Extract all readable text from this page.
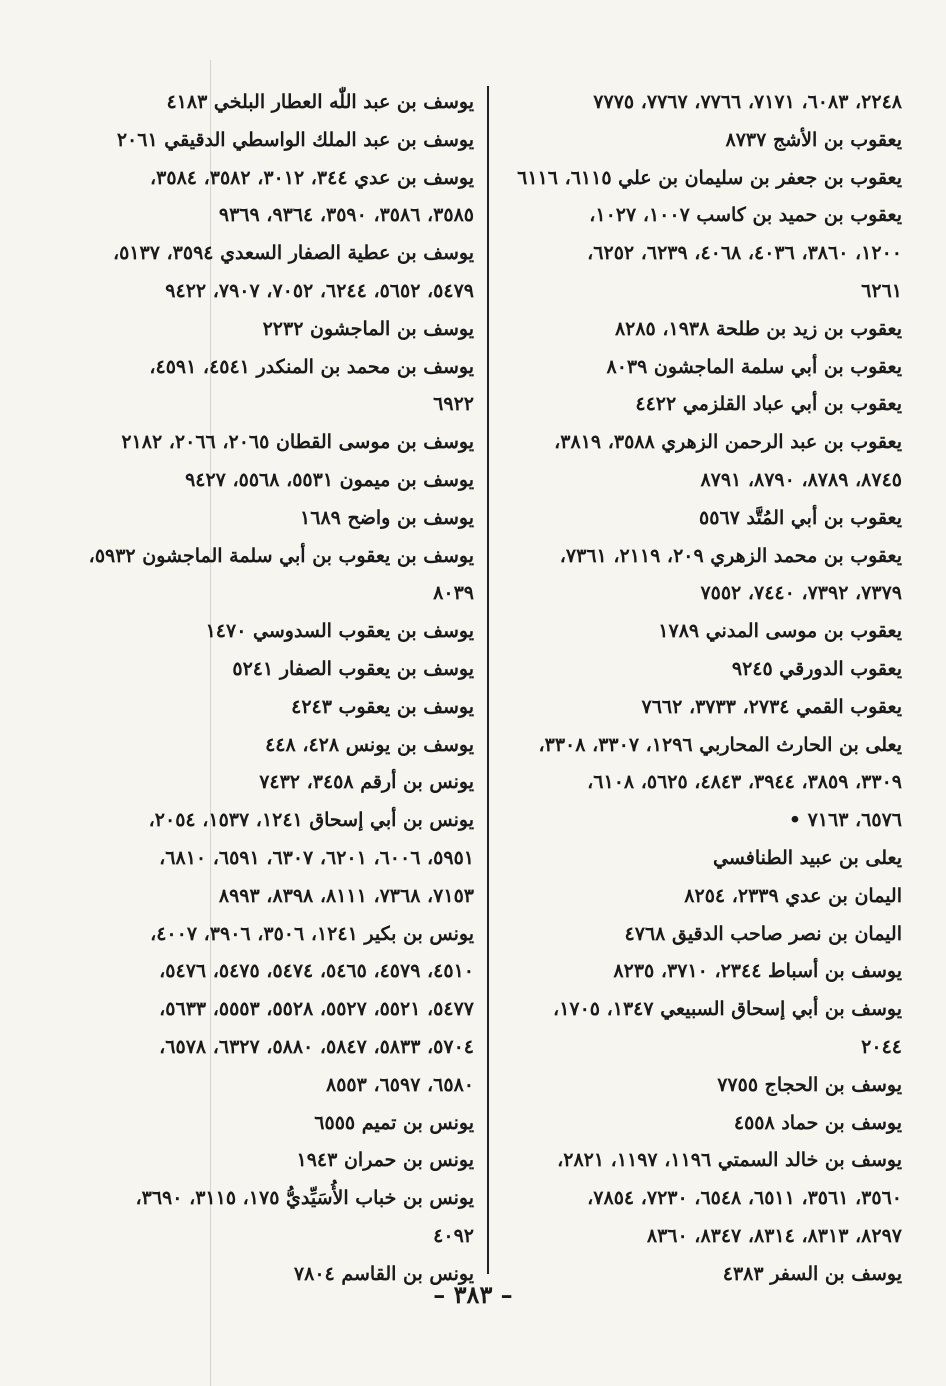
٢٢٤٨، ٦٠٨٣، ٧١٧١، ٧٧٦٦، ٧٧٦٧، ٧٧٧٥
يعقوب بن الأشج ٨٧٣٧
يعقوب بن جعفر بن سليمان بن علي ٦١١٥، ٦١١٦
يعقوب بن حميد بن كاسب ١٠٠٧، ١٠٢٧،
١٢٠٠، ٣٨٦٠، ٤٠٣٦، ٤٠٦٨، ٦٢٣٩، ٦٢٥٢،
٦٢٦١
يعقوب بن زيد بن طلحة ١٩٣٨، ٨٢٨٥
يعقوب بن أبي سلمة الماجشون ٨٠٣٩
يعقوب بن أبي عباد القلزمي ٤٤٢٢
يعقوب بن عبد الرحمن الزهري ٣٥٨٨، ٣٨١٩،
٨٧٤٥، ٨٧٨٩، ٨٧٩٠، ٨٧٩١
يعقوب بن أبي المُتَّد ٥٥٦٧
يعقوب بن محمد الزهري ٢٠٩، ٢١١٩، ٧٣٦١،
٧٣٧٩، ٧٣٩٢، ٧٤٤٠، ٧٥٥٢
يعقوب بن موسى المدني ١٧٨٩
يعقوب الدورقي ٩٢٤٥
يعقوب القمي ٢٧٣٤، ٣٧٣٣، ٧٦٦٢
يعلى بن الحارث المحاربي ١٢٩٦، ٣٣٠٧، ٣٣٠٨،
٣٣٠٩، ٣٨٥٩، ٣٩٤٤، ٤٨٤٣، ٥٦٢٥، ٦١٠٨،
٦٥٧٦، ٧١٦٣ •
يعلى بن عبيد الطنافسي
اليمان بن عدي ٢٣٣٩، ٨٢٥٤
اليمان بن نصر صاحب الدقيق ٤٧٦٨
يوسف بن أسباط ٢٣٤٤، ٣٧١٠، ٨٢٣٥
يوسف بن أبي إسحاق السبيعي ١٣٤٧، ١٧٠٥،
٢٠٤٤
يوسف بن الحجاج ٧٧٥٥
يوسف بن حماد ٤٥٥٨
يوسف بن خالد السمتي ١١٩٦، ١١٩٧، ٢٨٢١،
٣٥٦٠، ٣٥٦١، ٦٥١١، ٦٥٤٨، ٧٢٣٠، ٧٨٥٤،
٨٢٩٧، ٨٣١٣، ٨٣١٤، ٨٣٤٧، ٨٣٦٠
يوسف بن السفر ٤٣٨٣
يوسف بن عبد اللّٰه العطار البلخي ٤١٨٣
يوسف بن عبد الملك الواسطي الدقيقي ٢٠٦١
يوسف بن عدي ٣٤٤، ٣٠١٢، ٣٥٨٢، ٣٥٨٤،
٣٥٨٥، ٣٥٨٦، ٣٥٩٠، ٩٣٦٤، ٩٣٦٩
يوسف بن عطية الصفار السعدي ٣٥٩٤، ٥١٣٧،
٥٤٧٩، ٥٦٥٢، ٦٢٤٤، ٧٠٥٢، ٧٩٠٧، ٩٤٢٢
يوسف بن الماجشون ٢٢٣٢
يوسف بن محمد بن المنكدر ٤٥٤١، ٤٥٩١،
٦٩٢٢
يوسف بن موسى القطان ٢٠٦٥، ٢٠٦٦، ٢١٨٢
يوسف بن ميمون ٥٥٣١، ٥٥٦٨، ٩٤٢٧
يوسف بن واضح ١٦٨٩
يوسف بن يعقوب بن أبي سلمة الماجشون ٥٩٣٢،
٨٠٣٩
يوسف بن يعقوب السدوسي ١٤٧٠
يوسف بن يعقوب الصفار ٥٢٤١
يوسف بن يعقوب ٤٢٤٣
يوسف بن يونس ٤٢٨، ٤٤٨
يونس بن أرقم ٣٤٥٨، ٧٤٣٢
يونس بن أبي إسحاق ١٢٤١، ١٥٣٧، ٢٠٥٤،
٥٩٥١، ٦٠٠٦، ٦٢٠١، ٦٣٠٧، ٦٥٩١، ٦٨١٠،
٧١٥٣، ٧٣٦٨، ٨١١١، ٨٣٩٨، ٨٩٩٣
يونس بن بكير ١٢٤١، ٣٥٠٦، ٣٩٠٦، ٤٠٠٧،
٤٥١٠، ٤٥٧٩، ٥٤٦٥، ٥٤٧٤، ٥٤٧٥، ٥٤٧٦،
٥٤٧٧، ٥٥٢١، ٥٥٢٧، ٥٥٢٨، ٥٥٥٣، ٥٦٣٣،
٥٧٠٤، ٥٨٣٣، ٥٨٤٧، ٥٨٨٠، ٦٣٢٧، ٦٥٧٨،
٦٥٨٠، ٦٥٩٧، ٨٥٥٣
يونس بن تميم ٦٥٥٥
يونس بن حمران ١٩٤٣
يونس بن خباب الأُسَيِّديُّ ١٧٥، ٣١١٥، ٣٦٩٠،
٤٠٩٢
يونس بن القاسم ٧٨٠٤
– ٣٨٣ –
